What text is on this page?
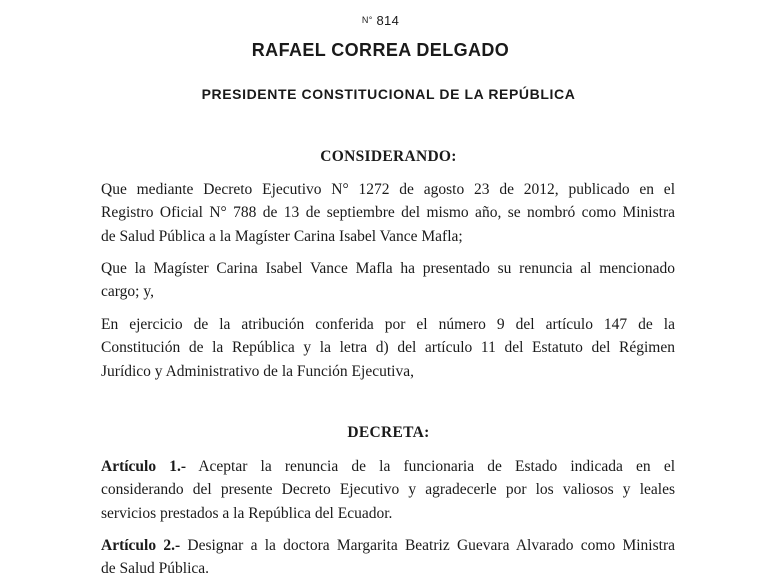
N° 814
RAFAEL CORREA DELGADO
PRESIDENTE CONSTITUCIONAL DE LA REPÚBLICA
CONSIDERANDO:
Que mediante Decreto Ejecutivo N° 1272 de agosto 23 de 2012, publicado en el
Registro Oficial N° 788 de 13 de septiembre del mismo año, se nombró como Ministra
de Salud Pública a la Magíster Carina Isabel Vance Mafla;
Que la Magíster Carina Isabel Vance Mafla ha presentado su renuncia al mencionado
cargo; y,
En ejercicio de la atribución conferida por el número 9 del artículo 147 de la
Constitución de la República y la letra d) del artículo 11 del Estatuto del Régimen
Jurídico y Administrativo de la Función Ejecutiva,
DECRETA:
Artículo 1.- Aceptar la renuncia de la funcionaria de Estado indicada en el
considerando del presente Decreto Ejecutivo y agradecerle por los valiosos y leales
servicios prestados a la República del Ecuador.
Artículo 2.- Designar a la doctora Margarita Beatriz Guevara Alvarado como Ministra
de Salud Pública.
